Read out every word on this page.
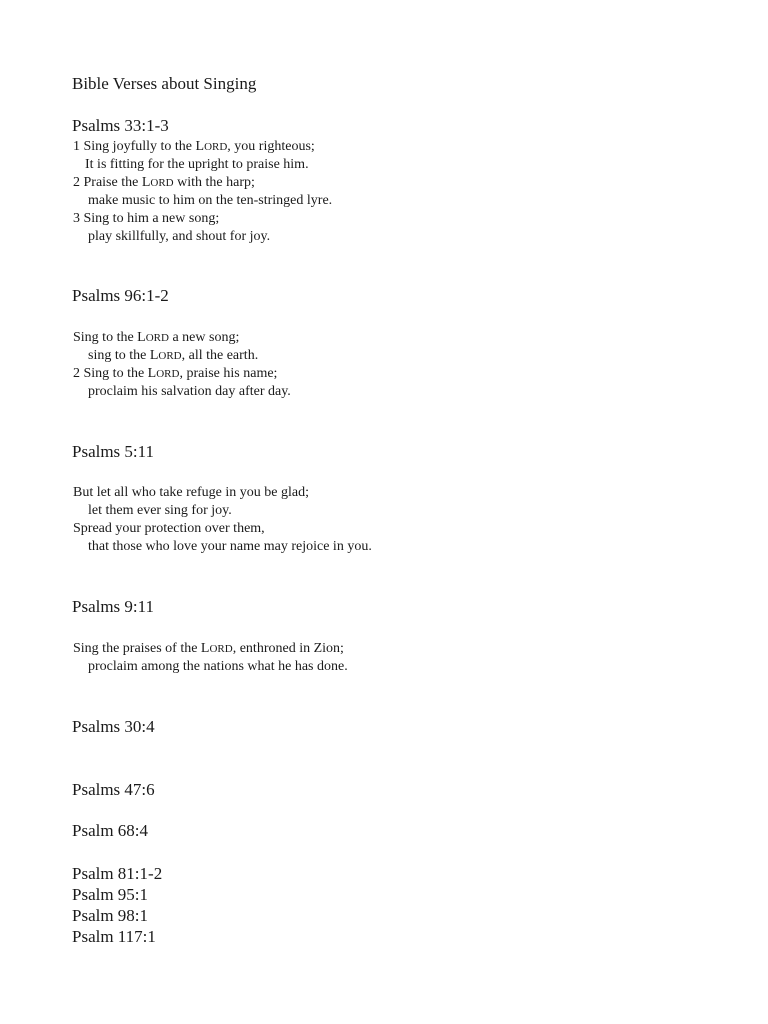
Bible Verses about Singing
Psalms 33:1-3
1 Sing joyfully to the LORD, you righteous;
It is fitting for the upright to praise him.
2 Praise the LORD with the harp;
make music to him on the ten-stringed lyre.
3 Sing to him a new song;
play skillfully, and shout for joy.
Psalms 96:1-2
Sing to the LORD a new song;
sing to the LORD, all the earth.
2 Sing to the LORD, praise his name;
proclaim his salvation day after day.
Psalms 5:11
But let all who take refuge in you be glad;
let them ever sing for joy.
Spread your protection over them,
that those who love your name may rejoice in you.
Psalms 9:11
Sing the praises of the LORD, enthroned in Zion;
proclaim among the nations what he has done.
Psalms 30:4
Psalms 47:6
Psalm 68:4
Psalm 81:1-2
Psalm 95:1
Psalm 98:1
Psalm 117:1
